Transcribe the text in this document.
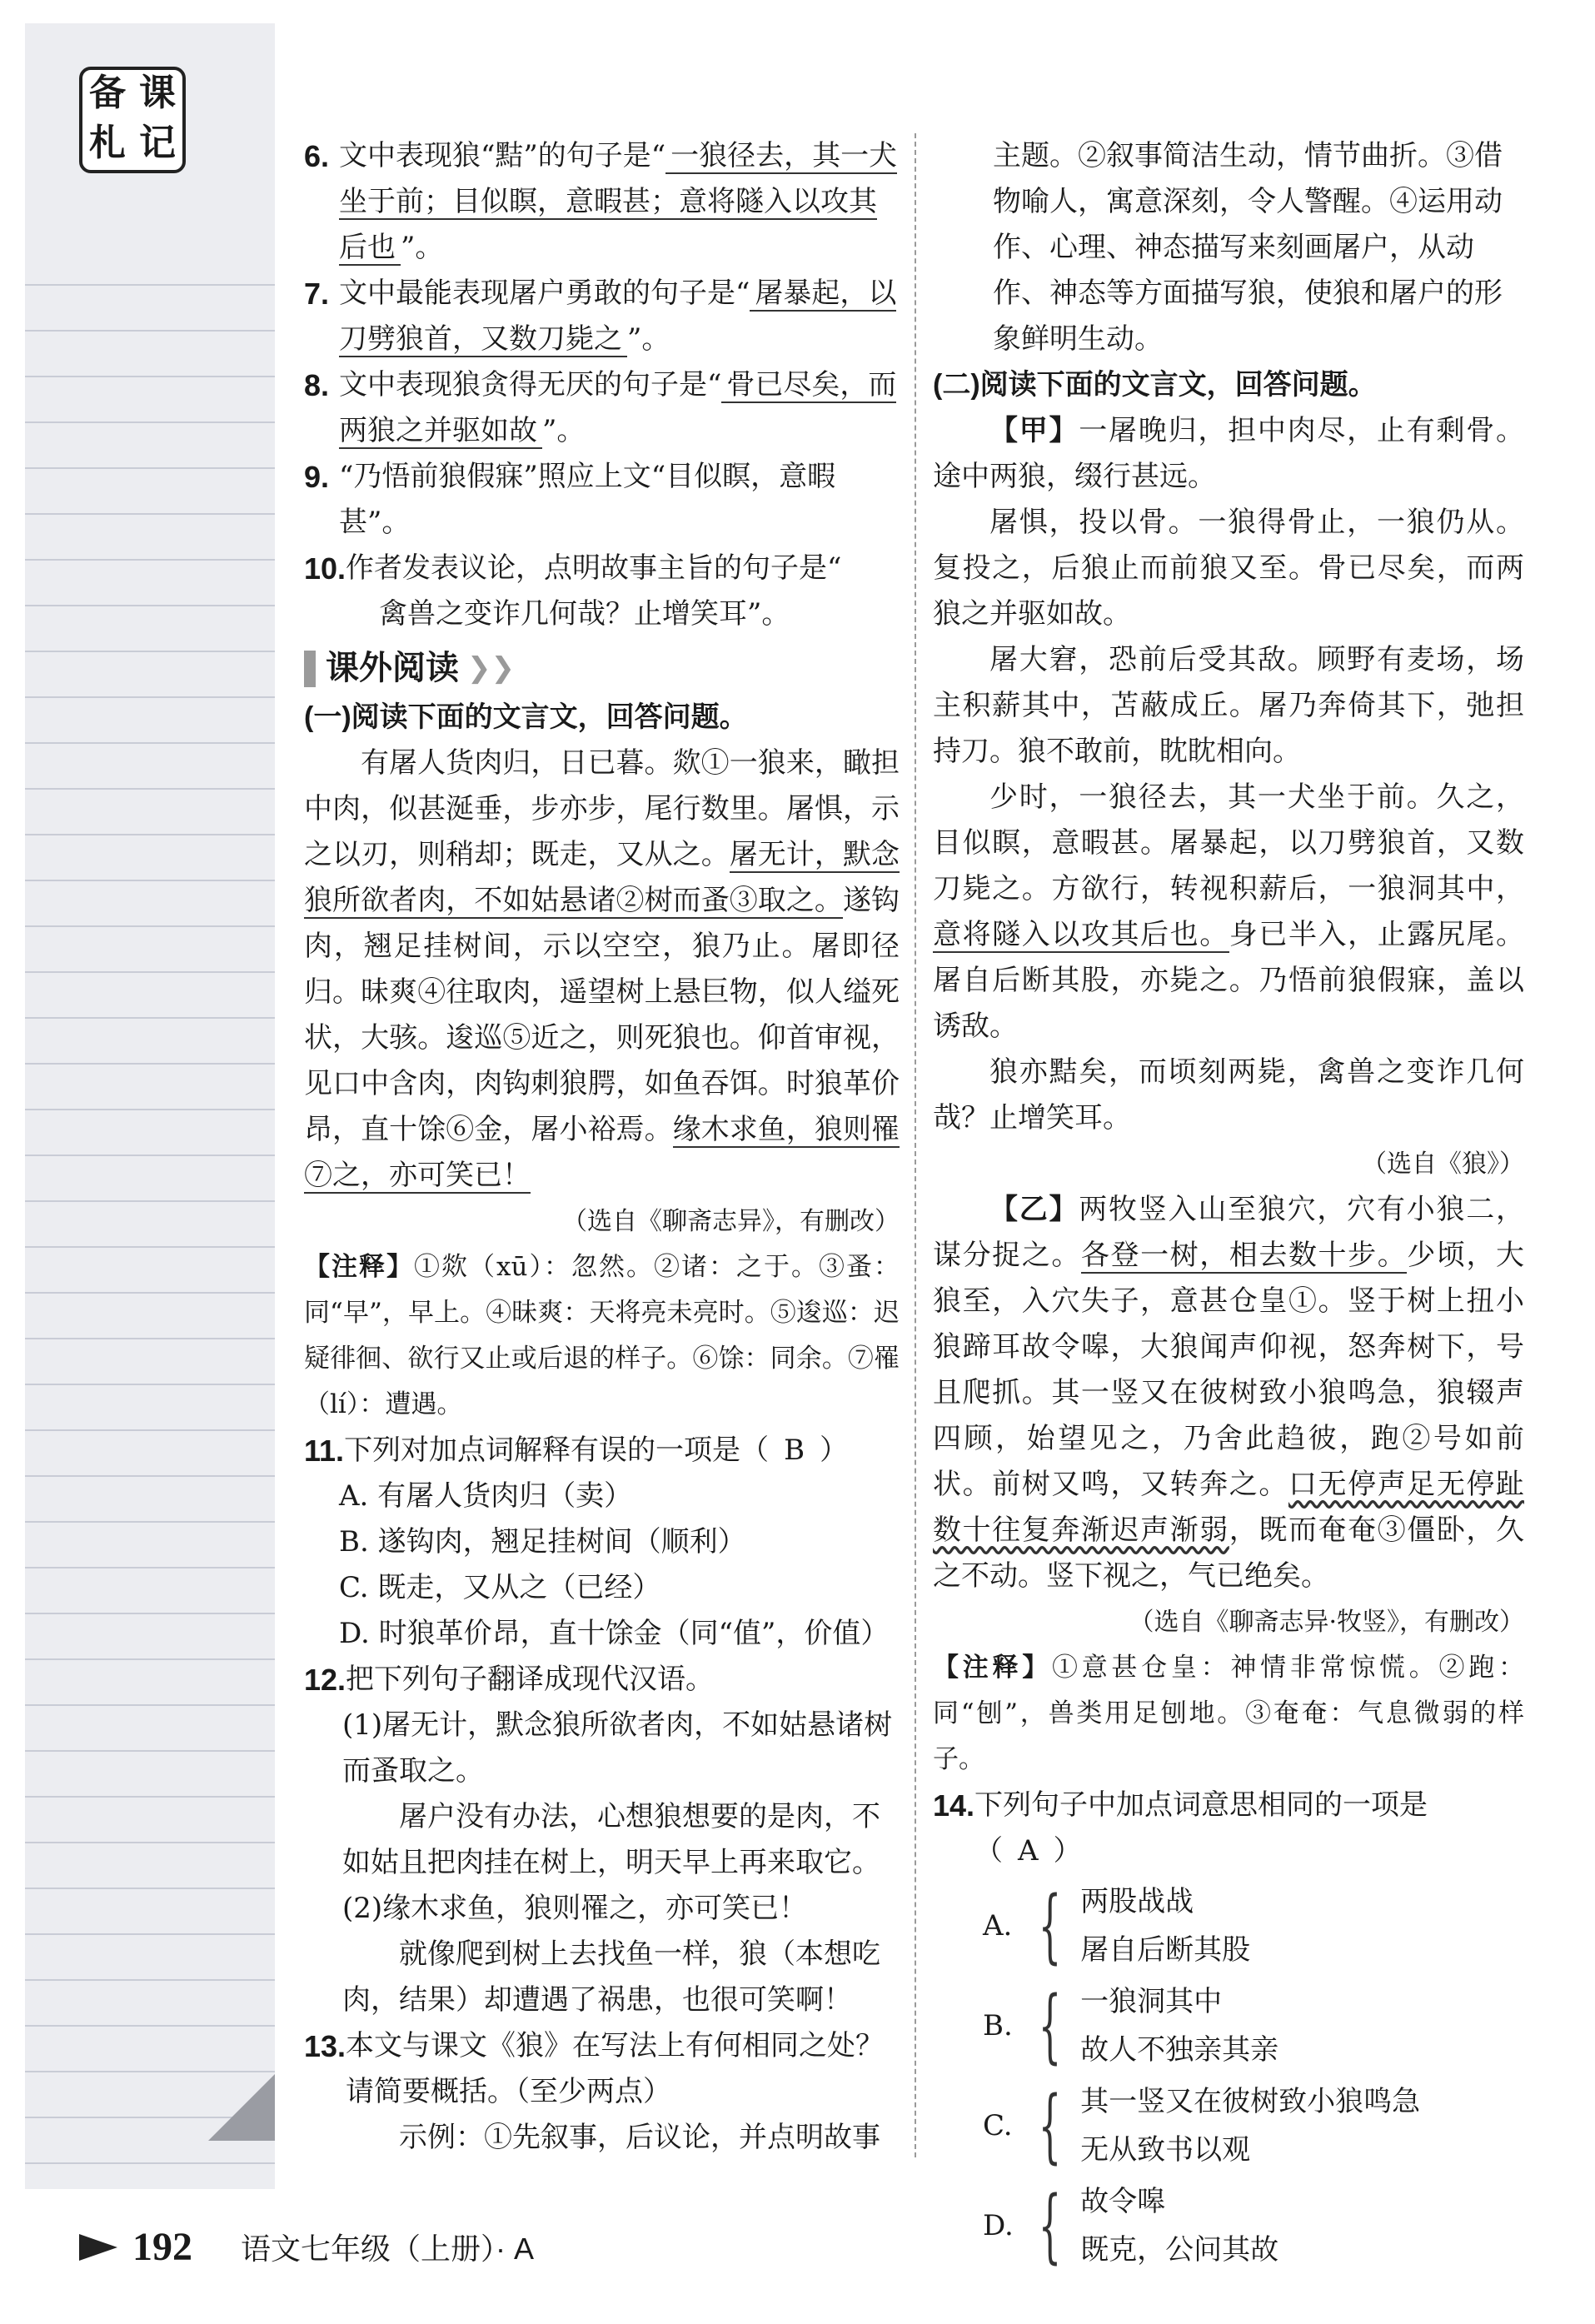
备 课
札 记	6. 文中表现狼“黠”的句子是“ 一狼径去，其一犬坐于前；目似瞑，意暇甚；意将隧入以攻其后也 ”。
7. 文中最能表现屠户勇敢的句子是“ 屠暴起，以刀劈狼首，又数刀毙之 ”。
8. 文中表现狼贪得无厌的句子是“ 骨已尽矣，而两狼之并驱如故 ”。
9. “乃悟前狼假寐”照应上文“目似瞑，意暇甚”。
10. 作者发表议论，点明故事主旨的句子是“
禽兽之变诈几何哉？止增笑耳”。
课外阅读 ❯❯

(一)阅读下面的文言文，回答问题。

有屠人货肉归，日已暮。欻①一狼来，瞰担中肉，似甚涎垂，步亦步，尾行数里。屠惧，示之以刃，则稍却；既走，又从之。屠无计，默念狼所欲者肉，不如姑悬诸②树而蚤③取之。遂钩肉，翘足挂树间，示以空空，狼乃止。屠即径归。昧爽④往取肉，遥望树上悬巨物，似人缢死状，大骇。逡巡⑤近之，则死狼也。仰首审视，见口中含肉，肉钩刺狼腭，如鱼吞饵。时狼革价昂，直十馀⑥金，屠小裕焉。缘木求鱼，狼则罹⑦之，亦可笑已！

（选自《聊斋志异》，有删改）

【注释】①欻（xū）：忽然。②诸：之于。③蚤：同“早”，早上。④昧爽：天将亮未亮时。⑤逡巡：迟疑徘徊、欲行又止或后退的样子。⑥馀：同余。⑦罹（lí）：遭遇。

11. 下列对加点词解释有误的一项是（ B ）

A. 有屠人货肉归（卖）

B. 遂钩肉，翘足挂树间（顺利）

C. 既走，又从之（已经）

D. 时狼革价昂，直十馀金（同“值”，价值）

12. 把下列句子翻译成现代汉语。

(1)屠无计，默念狼所欲者肉，不如姑悬诸树而蚤取之。

屠户没有办法，心想狼想要的是肉，不如姑且把肉挂在树上，明天早上再来取它。

(2)缘木求鱼，狼则罹之，亦可笑已！

就像爬到树上去找鱼一样，狼（本想吃肉，结果）却遭遇了祸患，也很可笑啊！

13. 本文与课文《狼》在写法上有何相同之处？请简要概括。（至少两点）

示例：①先叙事，后议论，并点明故事

主题。②叙事简洁生动，情节曲折。③借物喻人，寓意深刻，令人警醒。④运用动作、心理、神态描写来刻画屠户，从动作、神态等方面描写狼，使狼和屠户的形象鲜明生动。

(二)阅读下面的文言文，回答问题。

【甲】一屠晚归，担中肉尽，止有剩骨。途中两狼，缀行甚远。

屠惧，投以骨。一狼得骨止，一狼仍从。复投之，后狼止而前狼又至。骨已尽矣，而两狼之并驱如故。

屠大窘，恐前后受其敌。顾野有麦场，场主积薪其中，苫蔽成丘。屠乃奔倚其下，弛担持刀。狼不敢前，眈眈相向。

少时，一狼径去，其一犬坐于前。久之，目似瞑，意暇甚。屠暴起，以刀劈狼首，又数刀毙之。方欲行，转视积薪后，一狼洞其中，意将隧入以攻其后也。身已半入，止露尻尾。屠自后断其股，亦毙之。乃悟前狼假寐，盖以诱敌。

狼亦黠矣，而顷刻两毙，禽兽之变诈几何哉？止增笑耳。

（选自《狼》）

【乙】两牧竖入山至狼穴，穴有小狼二，谋分捉之。各登一树，相去数十步。少顷，大狼至，入穴失子，意甚仓皇①。竖于树上扭小狼蹄耳故令嗥，大狼闻声仰视，怒奔树下，号且爬抓。其一竖又在彼树致小狼鸣急，狼辍声四顾，始望见之，乃舍此趋彼，跑②号如前状。前树又鸣，又转奔之。口无停声足无停趾数十往复奔渐迟声渐弱，既而奄奄③僵卧，久之不动。竖下视之，气已绝矣。

（选自《聊斋志异·牧竖》，有删改）

【注释】①意甚仓皇：神情非常惊慌。②跑：同“刨”，兽类用足刨地。③奄奄：气息微弱的样子。

14. 下列句子中加点词意思相同的一项是（ A ）
A. { 两股战战
屠自后断其股
B. { 一狼洞其中
故人不独亲其亲
C. { 其一竖又在彼树致小狼鸣急
无从致书以观
D. { 故令嗥
既克，公问其故
192 语文七年级（上册）· A
